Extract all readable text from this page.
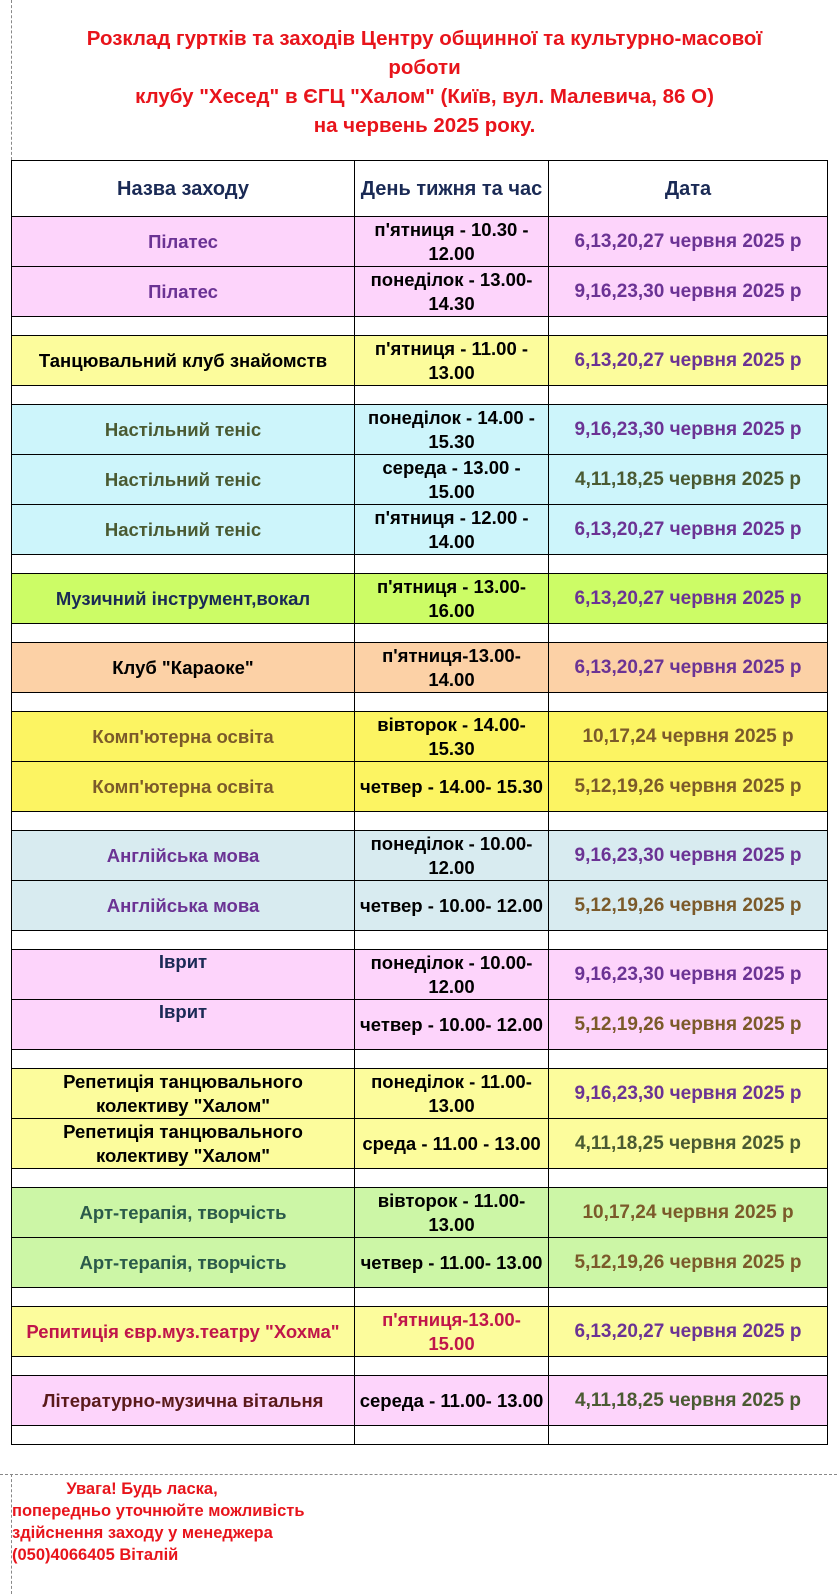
Розклад гуртків та заходів Центру общинної та культурно-масової
роботи
клубу "Хесед" в ЄГЦ "Халом" (Київ, вул. Малевича, 86 О)
на червень 2025 року.
Назва заходу	День тижня та час	Дата
Пілатес	п'ятниця - 10.30 - 12.00	6,13,20,27 червня 2025 р
Пілатес	понеділок - 13.00- 14.30	9,16,23,30 червня 2025 р

Танцювальний клуб знайомств	п'ятниця - 11.00 - 13.00	6,13,20,27 червня 2025 р

Настільний теніс	понеділок - 14.00 - 15.30	9,16,23,30 червня 2025 р
Настільний теніс	середа - 13.00 - 15.00	4,11,18,25 червня 2025 р
Настільний теніс	п'ятниця - 12.00 - 14.00	6,13,20,27 червня 2025 р

Музичний інструмент,вокал	п'ятниця - 13.00- 16.00	6,13,20,27 червня 2025 р

Клуб "Караоке"	п'ятниця-13.00- 14.00	6,13,20,27 червня 2025 р

Комп'ютерна освіта	вівторок - 14.00- 15.30	10,17,24 червня 2025 р
Комп'ютерна освіта	четвер - 14.00- 15.30	5,12,19,26 червня 2025 р

Англійська мова	понеділок - 10.00- 12.00	9,16,23,30 червня 2025 р
Англійська мова	четвер - 10.00- 12.00	5,12,19,26 червня 2025 р

Іврит	понеділок - 10.00- 12.00	9,16,23,30 червня 2025 р
Іврит	четвер - 10.00- 12.00	5,12,19,26 червня 2025 р

Репетиція танцювального колективу "Халом"	понеділок - 11.00- 13.00	9,16,23,30 червня 2025 р
Репетиція танцювального колективу "Халом"	среда - 11.00 - 13.00	4,11,18,25 червня 2025 р

Арт-терапія, творчість	вівторок - 11.00- 13.00	10,17,24 червня 2025 р
Арт-терапія, творчість	четвер - 11.00- 13.00	5,12,19,26 червня 2025 р

Репитиція євр.муз.театру "Хохма"	п'ятниця-13.00- 15.00	6,13,20,27 червня 2025 р

Літературно-музична вітальня	середа - 11.00- 13.00	4,11,18,25 червня 2025 р

Увага! Будь ласка,
попередньо уточнюйте можливість
здійснення заходу у менеджера
(050)4066405 Віталій
